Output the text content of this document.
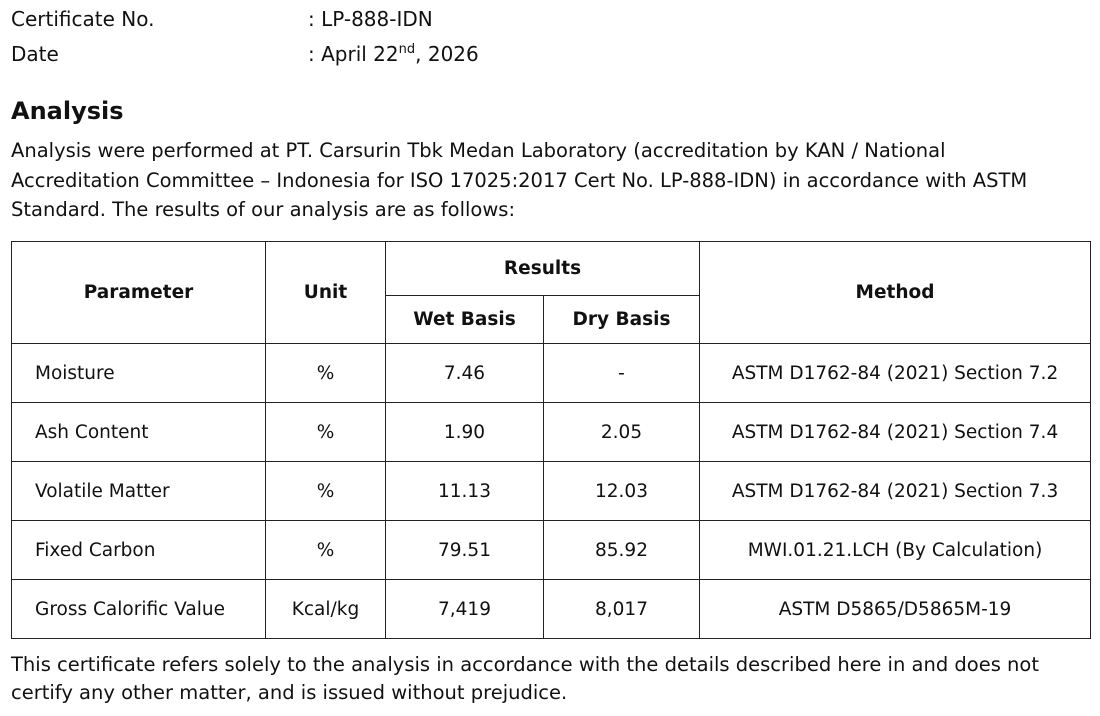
Certificate No.	: LP-888-IDN
Date	: April 22nd, 2026
Analysis

Analysis were performed at PT. Carsurin Tbk Medan Laboratory (accreditation by KAN / National
Accreditation Committee – Indonesia for ISO 17025:2017 Cert No. LP-888-IDN) in accordance with ASTM
Standard. The results of our analysis are as follows:

Parameter	Unit	Results		Method
		Wet Basis	Dry Basis	
Moisture	%	7.46	-	ASTM D1762-84 (2021) Section 7.2
Ash Content	%	1.90	2.05	ASTM D1762-84 (2021) Section 7.4
Volatile Matter	%	11.13	12.03	ASTM D1762-84 (2021) Section 7.3
Fixed Carbon	%	79.51	85.92	MWI.01.21.LCH (By Calculation)
Gross Calorific Value	Kcal/kg	7,419	8,017	ASTM D5865/D5865M-19

This certificate refers solely to the analysis in accordance with the details described here in and does not
certify any other matter, and is issued without prejudice.
